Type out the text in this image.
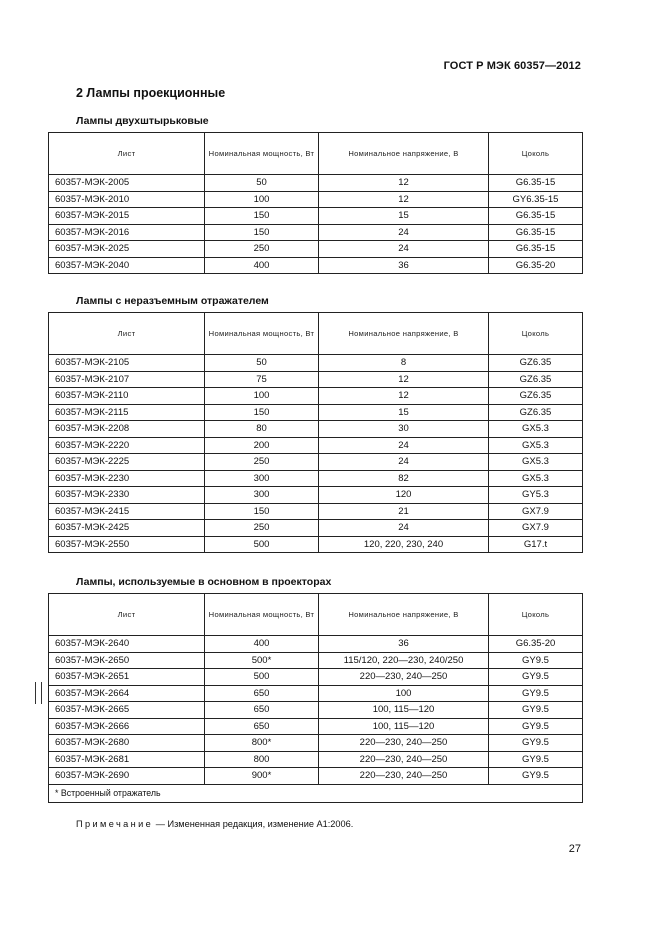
ГОСТ Р МЭК 60357—2012
2 Лампы проекционные
Лампы двухштырьковые
Лист	Номинальная мощность, Вт	Номинальное напряжение, В	Цоколь
60357-МЭК-2005	50	12	G6.35-15
60357-МЭК-2010	100	12	GY6.35-15
60357-МЭК-2015	150	15	G6.35-15
60357-МЭК-2016	150	24	G6.35-15
60357-МЭК-2025	250	24	G6.35-15
60357-МЭК-2040	400	36	G6.35-20
Лампы с неразъемным отражателем
Лист	Номинальная мощность, Вт	Номинальное напряжение, В	Цоколь
60357-МЭК-2105	50	8	GZ6.35
60357-МЭК-2107	75	12	GZ6.35
60357-МЭК-2110	100	12	GZ6.35
60357-МЭК-2115	150	15	GZ6.35
60357-МЭК-2208	80	30	GX5.3
60357-МЭК-2220	200	24	GX5.3
60357-МЭК-2225	250	24	GX5.3
60357-МЭК-2230	300	82	GX5.3
60357-МЭК-2330	300	120	GY5.3
60357-МЭК-2415	150	21	GX7.9
60357-МЭК-2425	250	24	GX7.9
60357-МЭК-2550	500	120, 220, 230, 240	G17.t
Лампы, используемые в основном в проекторах
Лист	Номинальная мощность, Вт	Номинальное напряжение, В	Цоколь
60357-МЭК-2640	400	36	G6.35-20
60357-МЭК-2650	500*	115/120, 220—230, 240/250	GY9.5
60357-МЭК-2651	500	220—230, 240—250	GY9.5
60357-МЭК-2664	650	100	GY9.5
60357-МЭК-2665	650	100, 115—120	GY9.5
60357-МЭК-2666	650	100, 115—120	GY9.5
60357-МЭК-2680	800*	220—230, 240—250	GY9.5
60357-МЭК-2681	800	220—230, 240—250	GY9.5
60357-МЭК-2690	900*	220—230, 240—250	GY9.5
* Встроенный отражатель			
Примечание — Измененная редакция, изменение А1:2006.
27
